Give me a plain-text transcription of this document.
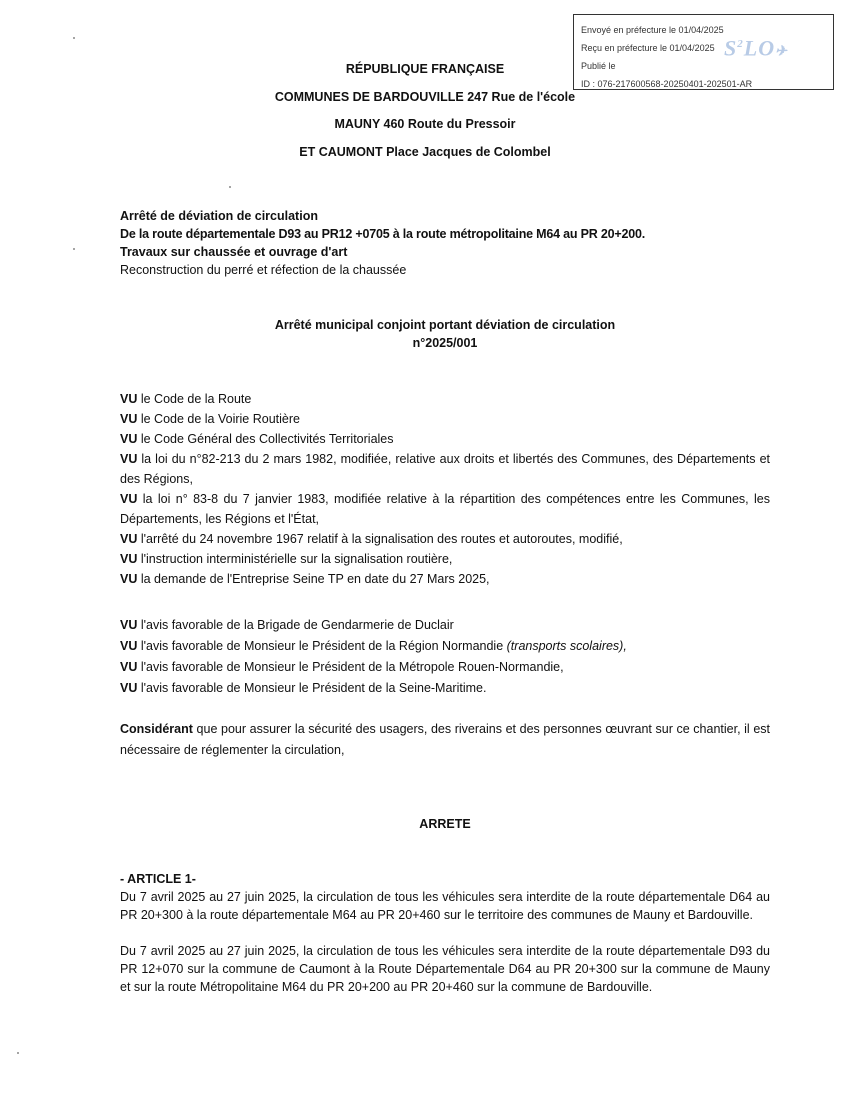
Envoyé en préfecture le 01/04/2025
Reçu en préfecture le 01/04/2025
Publié le
ID : 076-217600568-20250401-202501-AR
$S^2LO✈$
RÉPUBLIQUE FRANÇAISE
COMMUNES DE BARDOUVILLE 247 Rue de l'école
MAUNY 460 Route du Pressoir
ET CAUMONT Place Jacques de Colombel
Arrêté de déviation de circulation
De la route départementale D93 au PR12 +0705 à la route métropolitaine M64 au PR 20+200.
Travaux sur chaussée et ouvrage d'art
Reconstruction du perré et réfection de la chaussée
Arrêté municipal conjoint portant déviation de circulation
n°2025/001
VU le Code de la Route
VU le Code de la Voirie Routière
VU le Code Général des Collectivités Territoriales
VU la loi du n°82-213 du 2 mars 1982, modifiée, relative aux droits et libertés des Communes, des Départements et des Régions,
VU la loi n° 83-8 du 7 janvier 1983, modifiée relative à la répartition des compétences entre les Communes, les Départements, les Régions et l'État,
VU l'arrêté du 24 novembre 1967 relatif à la signalisation des routes et autoroutes, modifié,
VU l'instruction interministérielle sur la signalisation routière,
VU la demande de l'Entreprise Seine TP en date du 27 Mars 2025,
VU l'avis favorable de la Brigade de Gendarmerie de Duclair
VU l'avis favorable de Monsieur le Président de la Région Normandie (transports scolaires),
VU l'avis favorable de Monsieur le Président de la Métropole Rouen-Normandie,
VU l'avis favorable de Monsieur le Président de la Seine-Maritime.
Considérant que pour assurer la sécurité des usagers, des riverains et des personnes œuvrant sur ce chantier, il est nécessaire de réglementer la circulation,
ARRETE
- ARTICLE 1-
Du 7 avril 2025 au 27 juin 2025, la circulation de tous les véhicules sera interdite de la route départementale D64 au PR 20+300 à la route départementale M64 au PR 20+460 sur le territoire des communes de Mauny et Bardouville.
Du 7 avril 2025 au 27 juin 2025, la circulation de tous les véhicules sera interdite de la route départementale D93 du PR 12+070 sur la commune de Caumont à la Route Départementale D64 au PR 20+300 sur la commune de Mauny et sur la route Métropolitaine M64 du PR 20+200 au PR 20+460 sur la commune de Bardouville.
